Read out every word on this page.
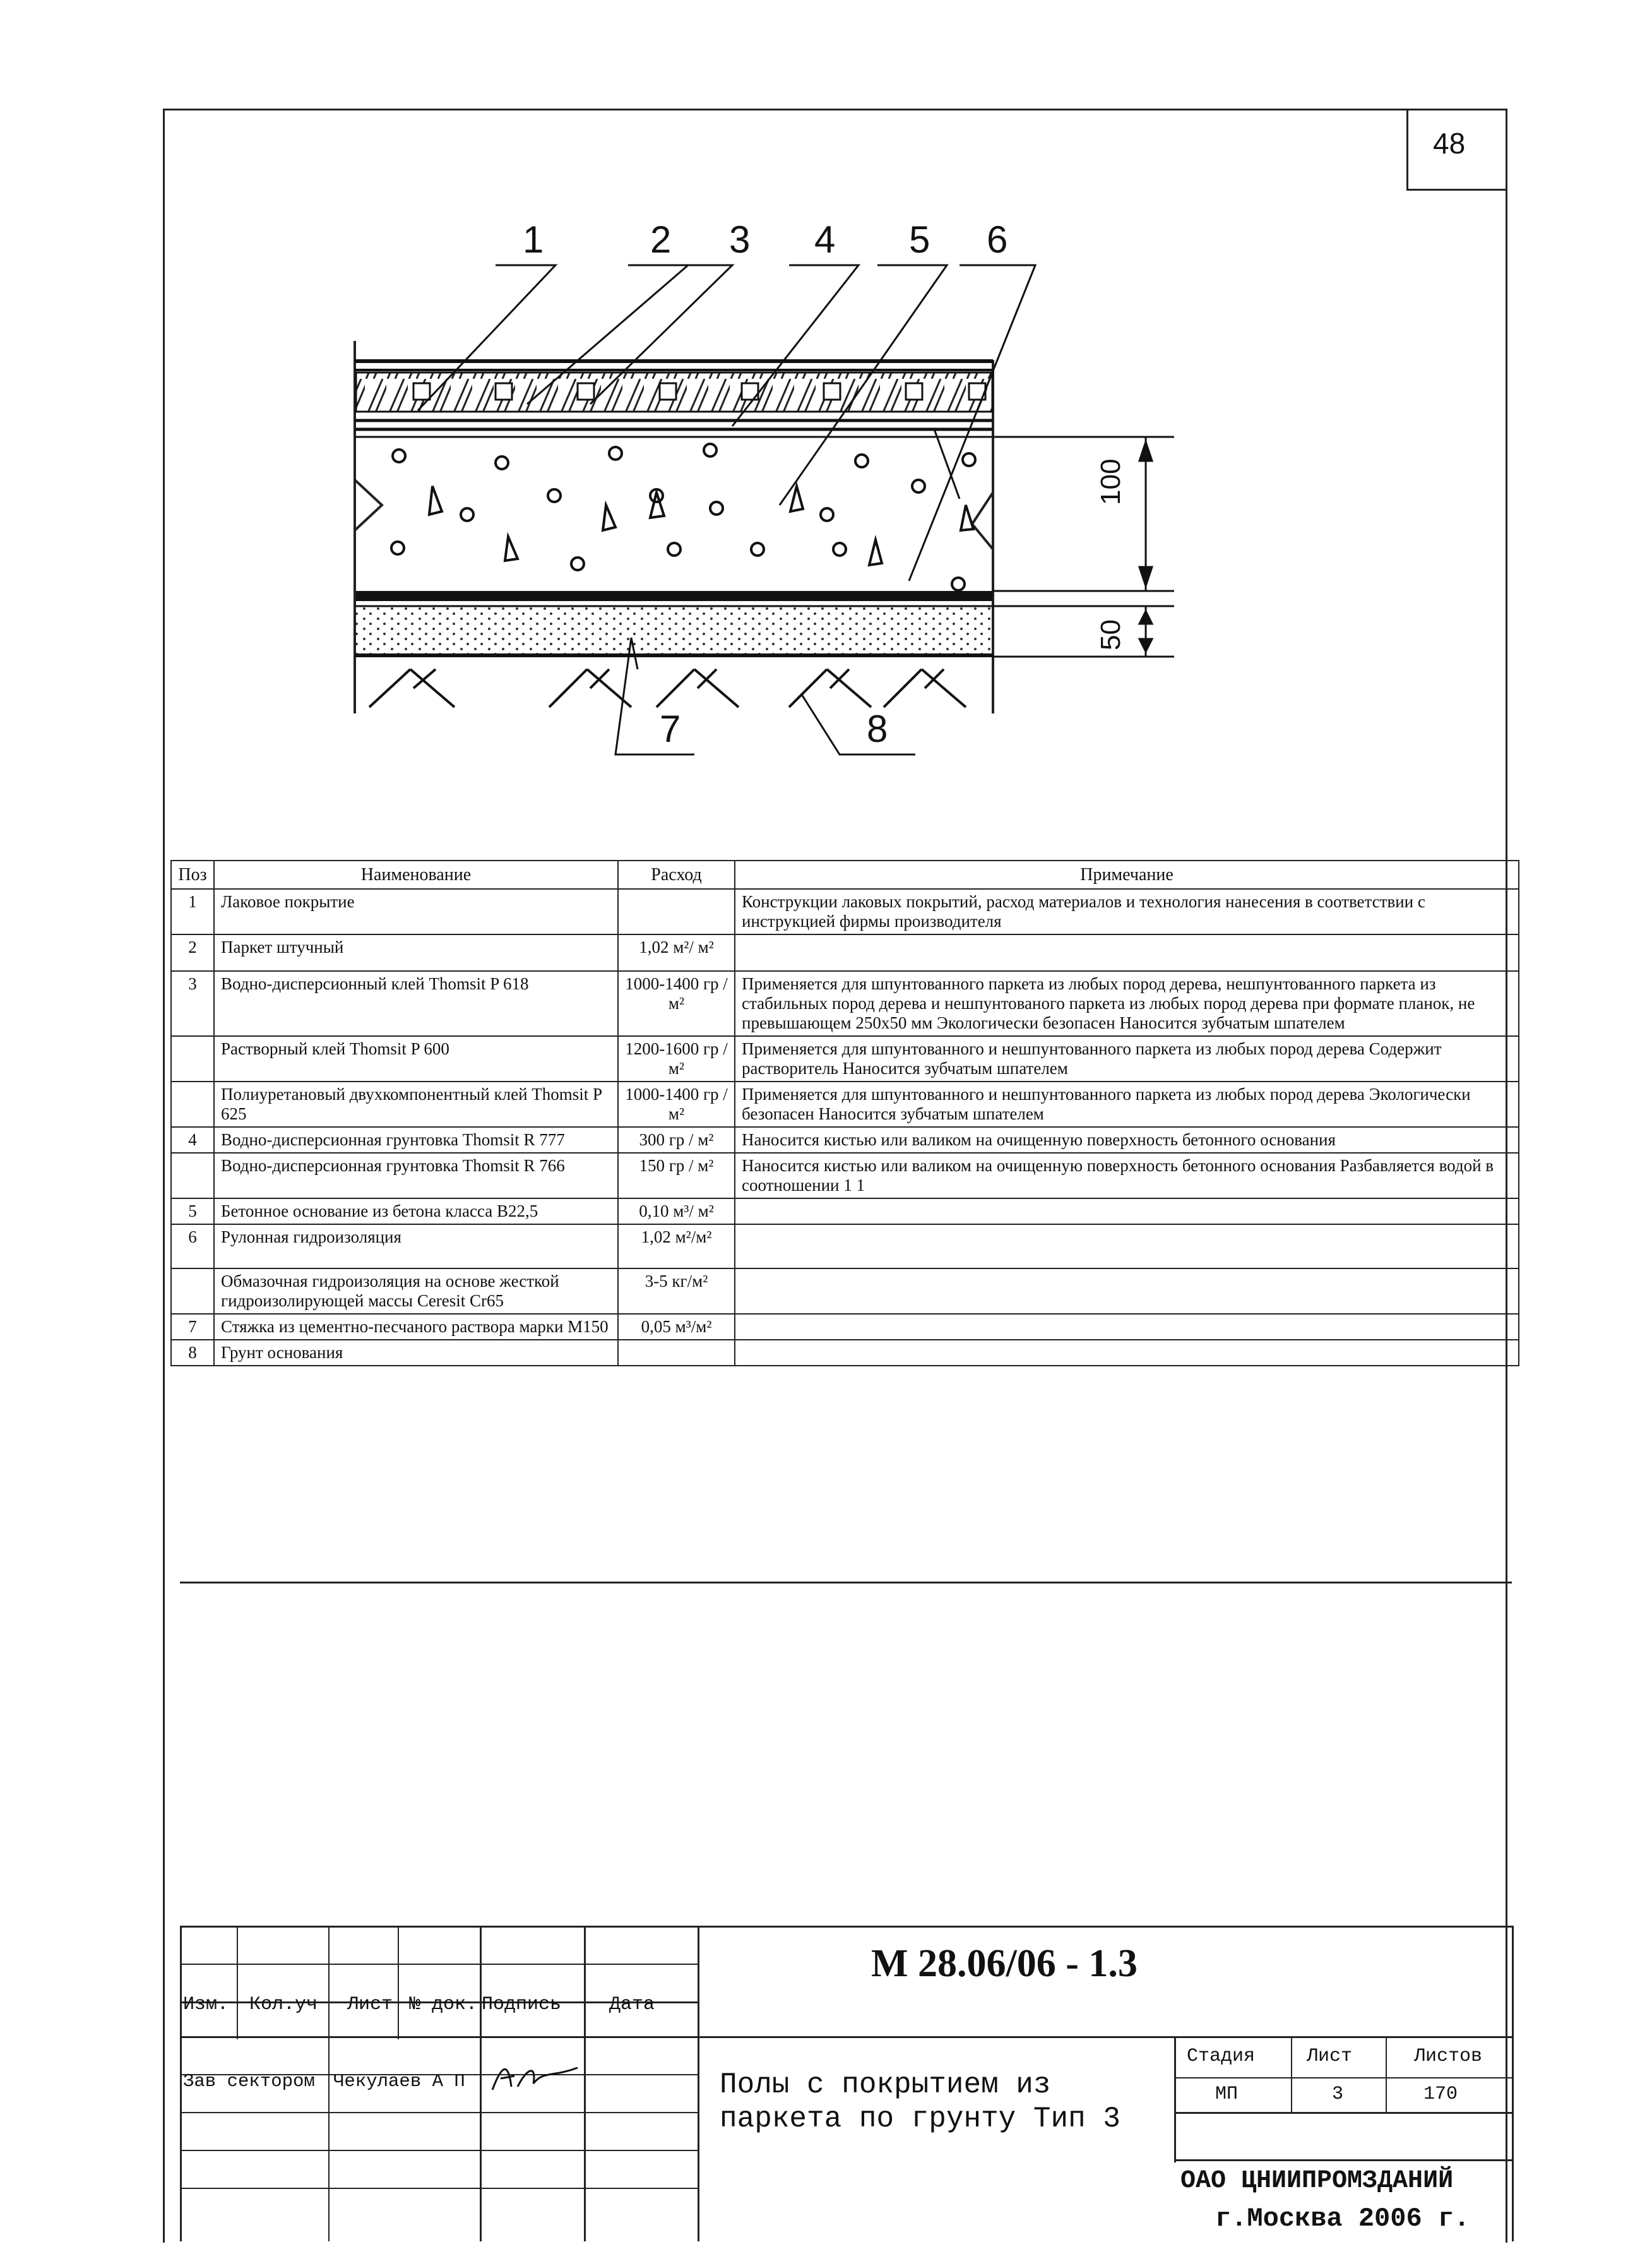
48
1	2 3 4 5 6
7	8
100
50
Поз	Наименование	Расход	Примечание
1	Лаковое покрытие		Конструкции лаковых покрытий, расход материалов и технология нанесения в соответствии с инструкцией фирмы производителя
2	Паркет штучный	1,02 м²/ м²	
3	Водно-дисперсионный клей Thomsit P 618	1000-1400 гр / м²	Применяется для шпунтованного паркета из любых пород дерева, нешпунтованного паркета из стабильных пород дерева и нешпунтованого паркета из любых пород дерева при формате планок, не превышающем 250х50 мм Экологически безопасен Наносится зубчатым шпателем
	Растворный клей Thomsit P 600	1200-1600 гр / м²	Применяется для шпунтованного и нешпунтованного паркета из любых пород дерева Содержит растворитель Наносится зубчатым шпателем
	Полиуретановый двухкомпонентный клей Thomsit P 625	1000-1400 гр / м²	Применяется для шпунтованного и нешпунтованного паркета из любых пород дерева Экологически безопасен Наносится зубчатым шпателем
4	Водно-дисперсионная грунтовка Thomsit R 777	300 гр / м²	Наносится кистью или валиком на очищенную поверхность бетонного основания
	Водно-дисперсионная грунтовка Thomsit R 766	150 гр / м²	Наносится кистью или валиком на очищенную поверхность бетонного основания Разбавляется водой в соотношении 1 1
5	Бетонное основание из бетона класса В22,5	0,10 м³/ м²	
6	Рулонная гидроизоляция	1,02 м²/м²	
	Обмазочная гидроизоляция на основе жесткой гидроизолирующей массы Ceresit Cr65	3-5 кг/м²	
7	Стяжка из цементно-песчаного раствора марки М150	0,05 м³/м²	
8	Грунт основания		
М 28.06/06 - 1.3
Изм. Кол.уч Лист № док. Подпись	Дата
Зав сектором Чекулаев А П	Полы с покрытием из паркета по грунту Тип 3
Стадия	Лист	Листов
МП	3	170
ОАО ЦНИИПРОМЗДАНИЙ
г.Москва 2006 г.
